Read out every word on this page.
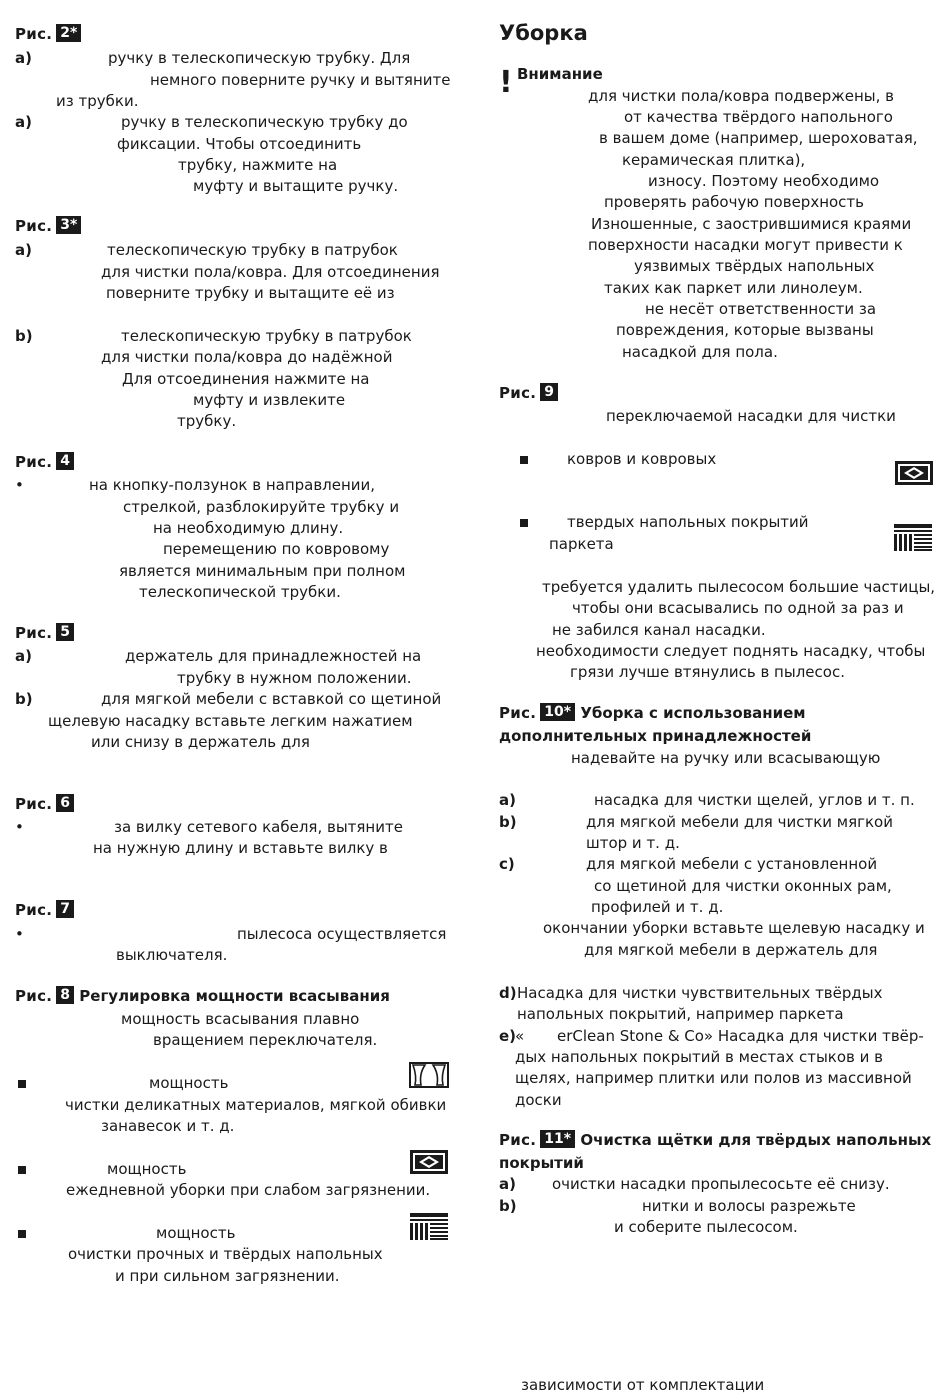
Рис. 2*
a)	ручку в телескопическую трубку. Для
немного поверните ручку и вытяните
из трубки.
a)	ручку в телескопическую трубку до
фиксации. Чтобы отсоединить
трубку, нажмите на
муфту и вытащите ручку.
Рис. 3*
a)	телескопическую трубку в патрубок
для чистки пола/ковра. Для отсоединения
поверните трубку и вытащите её из
b)	телескопическую трубку в патрубок
для чистки пола/ковра до надёжной
Для отсоединения нажмите на
муфту и извлеките
трубку.
Рис. 4
•	на кнопку-ползунок в направлении,
стрелкой, разблокируйте трубку и
на необходимую длину.
перемещению по ковровому
является минимальным при полном
телескопической трубки.
Рис. 5
a)	держатель для принадлежностей на
трубку в нужном положении.
b)	для мягкой мебели с вставкой со щетиной
щелевую насадку вставьте легким нажатием
или снизу в держатель для
Рис. 6
•	за вилку сетевого кабеля, вытяните
на нужную длину и вставьте вилку в
Рис. 7
•	пылесоса осуществляется
выключателя.
Рис. 8 Регулировка мощности всасывания
мощность всасывания плавно
вращением переключателя.
мощность
чистки деликатных материалов, мягкой обивки
занавесок и т. д.
мощность
ежедневной уборки при слабом загрязнении.
мощность
очистки прочных и твёрдых напольных
и при сильном загрязнении.
Уборка
! Внимание
для чистки пола/ковра подвержены, в
от качества твёрдого напольного
в вашем доме (например, шероховатая,
керамическая плитка),
износу. Поэтому необходимо
проверять рабочую поверхность
Изношенные, с заострившимися краями
поверхности насадки могут привести к
уязвимых твёрдых напольных
таких как паркет или линолеум.
не несёт ответственности за
повреждения, которые вызваны
насадкой для пола.
Рис. 9
переключаемой насадки для чистки
ковров и ковровых
твердых напольных покрытий
паркета
требуется удалить пылесосом большие частицы,
чтобы они всасывались по одной за раз и
не забился канал насадки.
необходимости следует поднять насадку, чтобы
грязи лучше втянулись в пылесос.
Рис. 10* Уборка с использованием
дополнительных принадлежностей
надевайте на ручку или всасывающую
a)	насадка для чистки щелей, углов и т. п.
b)	для мягкой мебели для чистки мягкой
штор и т. д.
c)	для мягкой мебели с установленной
со щетиной для чистки оконных рам,
профилей и т. д.
окончании уборки вставьте щелевую насадку и
для мягкой мебели в держатель для
d) Насадка для чистки чувствительных твёрдых
напольных покрытий, например паркета
e)
« erClean Stone & Co» Насадка для чистки твёр-
дых напольных покрытий в местах стыков и в
щелях, например плитки или полов из массивной
доски
Рис. 11* Очистка щётки для твёрдых напольных
покрытий
a) очистки насадки пропылесосьте её снизу.
b)	нитки и волосы разрежьте
и соберите пылесосом.
зависимости от комплектации
